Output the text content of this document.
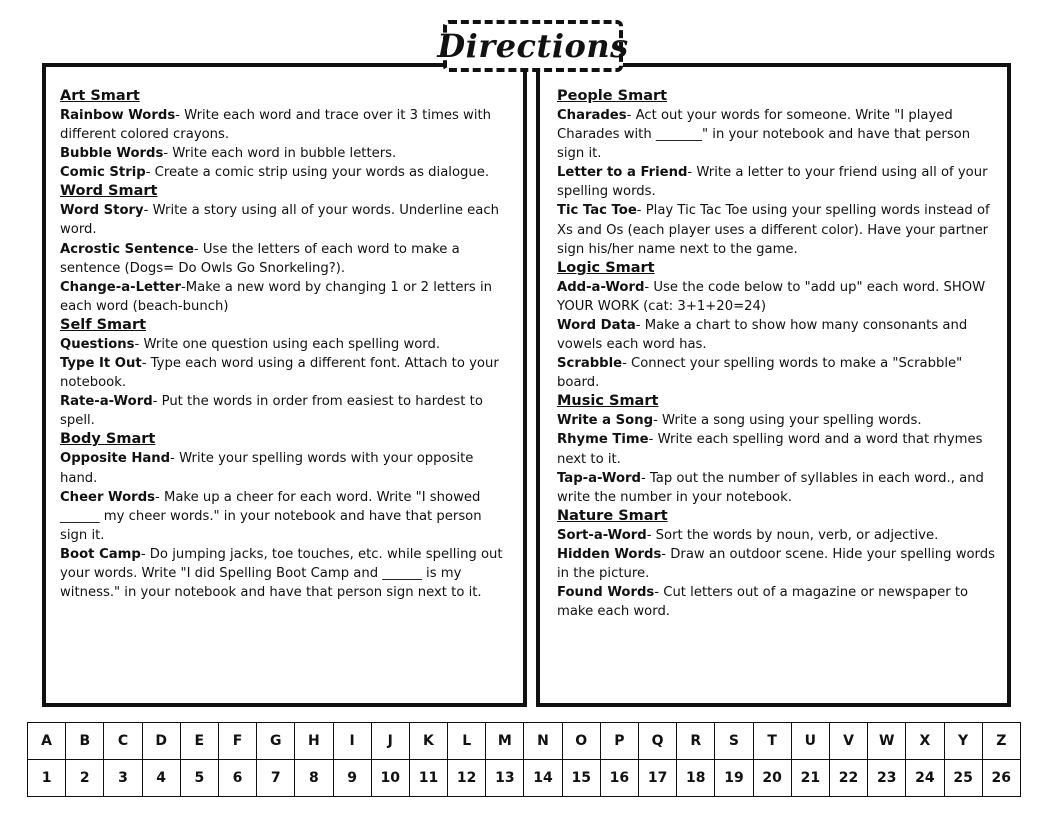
Directions
Art Smart

Rainbow Words- Write each word and trace over it 3 times with different colored crayons.

Bubble Words- Write each word in bubble letters.

Comic Strip- Create a comic strip using your words as dialogue.

Word Smart

Word Story- Write a story using all of your words. Underline each word.

Acrostic Sentence- Use the letters of each word to make a sentence (Dogs= Do Owls Go Snorkeling?).

Change-a-Letter-Make a new word by changing 1 or 2 letters in each word (beach-bunch)

Self Smart

Questions- Write one question using each spelling word.

Type It Out- Type each word using a different font. Attach to your notebook.

Rate-a-Word- Put the words in order from easiest to hardest to spell.

Body Smart

Opposite Hand- Write your spelling words with your opposite hand.

Cheer Words- Make up a cheer for each word. Write "I showed ______ my cheer words." in your notebook and have that person sign it.

Boot Camp- Do jumping jacks, toe touches, etc. while spelling out your words. Write "I did Spelling Boot Camp and ______ is my witness." in your notebook and have that person sign next to it.

People Smart

Charades- Act out your words for someone. Write "I played Charades with _______" in your notebook and have that person sign it.

Letter to a Friend- Write a letter to your friend using all of your spelling words.

Tic Tac Toe- Play Tic Tac Toe using your spelling words instead of Xs and Os (each player uses a different color). Have your partner sign his/her name next to the game.

Logic Smart

Add-a-Word- Use the code below to "add up" each word. SHOW YOUR WORK (cat: 3+1+20=24)

Word Data- Make a chart to show how many consonants and vowels each word has.

Scrabble- Connect your spelling words to make a "Scrabble" board.

Music Smart

Write a Song- Write a song using your spelling words.

Rhyme Time- Write each spelling word and a word that rhymes next to it.

Tap-a-Word- Tap out the number of syllables in each word., and write the number in your notebook.

Nature Smart

Sort-a-Word- Sort the words by noun, verb, or adjective.

Hidden Words- Draw an outdoor scene. Hide your spelling words in the picture.

Found Words- Cut letters out of a magazine or newspaper to make each word.

A	B	C	D	E	F	G	H	I	J	K	L	M	N	O	P	Q	R	S	T	U	V	W	X	Y	Z
1	2	3	4	5	6	7	8	9	10	11	12	13	14	15	16	17	18	19	20	21	22	23	24	25	26
